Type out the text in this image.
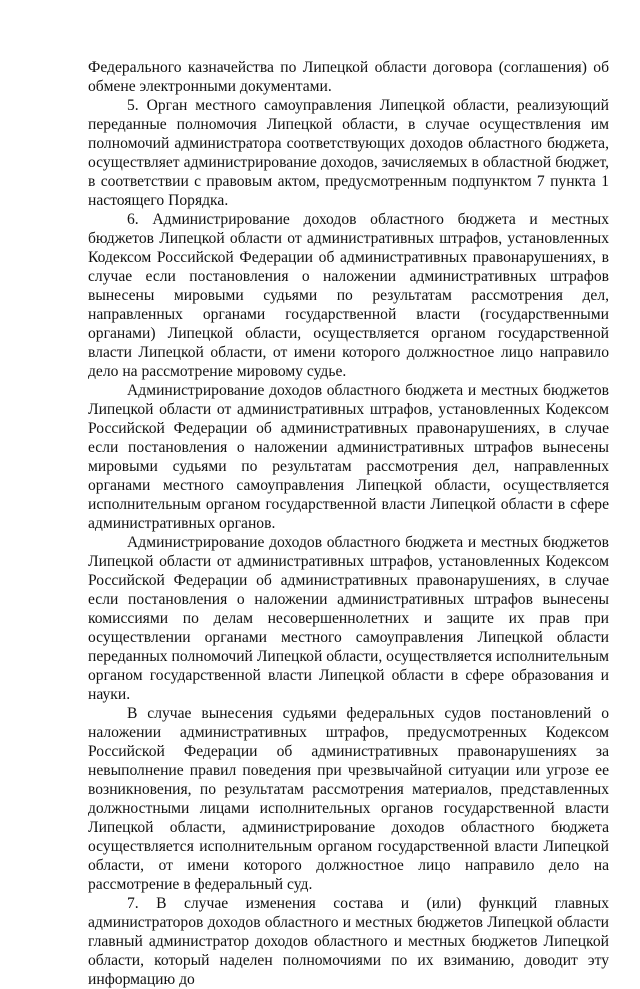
Федерального казначейства по Липецкой области договора (соглашения) об обмене электронными документами.

5. Орган местного самоуправления Липецкой области, реализующий переданные полномочия Липецкой области, в случае осуществления им полномочий администратора соответствующих доходов областного бюджета, осуществляет администрирование доходов, зачисляемых в областной бюджет, в соответствии с правовым актом, предусмотренным подпунктом 7 пункта 1 настоящего Порядка.

6. Администрирование доходов областного бюджета и местных бюджетов Липецкой области от административных штрафов, установленных Кодексом Российской Федерации об административных правонарушениях, в случае если постановления о наложении административных штрафов вынесены мировыми судьями по результатам рассмотрения дел, направленных органами государственной власти (государственными органами) Липецкой области, осуществляется органом государственной власти Липецкой области, от имени которого должностное лицо направило дело на рассмотрение мировому судье.

Администрирование доходов областного бюджета и местных бюджетов Липецкой области от административных штрафов, установленных Кодексом Российской Федерации об административных правонарушениях, в случае если постановления о наложении административных штрафов вынесены мировыми судьями по результатам рассмотрения дел, направленных органами местного самоуправления Липецкой области, осуществляется исполнительным органом государственной власти Липецкой области в сфере административных органов.

Администрирование доходов областного бюджета и местных бюджетов Липецкой области от административных штрафов, установленных Кодексом Российской Федерации об административных правонарушениях, в случае если постановления о наложении административных штрафов вынесены комиссиями по делам несовершеннолетних и защите их прав при осуществлении органами местного самоуправления Липецкой области переданных полномочий Липецкой области, осуществляется исполнительным органом государственной власти Липецкой области в сфере образования и науки.

В случае вынесения судьями федеральных судов постановлений о наложении административных штрафов, предусмотренных Кодексом Российской Федерации об административных правонарушениях за невыполнение правил поведения при чрезвычайной ситуации или угрозе ее возникновения, по результатам рассмотрения материалов, представленных должностными лицами исполнительных органов государственной власти Липецкой области, администрирование доходов областного бюджета осуществляется исполнительным органом государственной власти Липецкой области, от имени которого должностное лицо направило дело на рассмотрение в федеральный суд.

7. В случае изменения состава и (или) функций главных администраторов доходов областного и местных бюджетов Липецкой области главный администратор доходов областного и местных бюджетов Липецкой области, который наделен полномочиями по их взиманию, доводит эту информацию до
